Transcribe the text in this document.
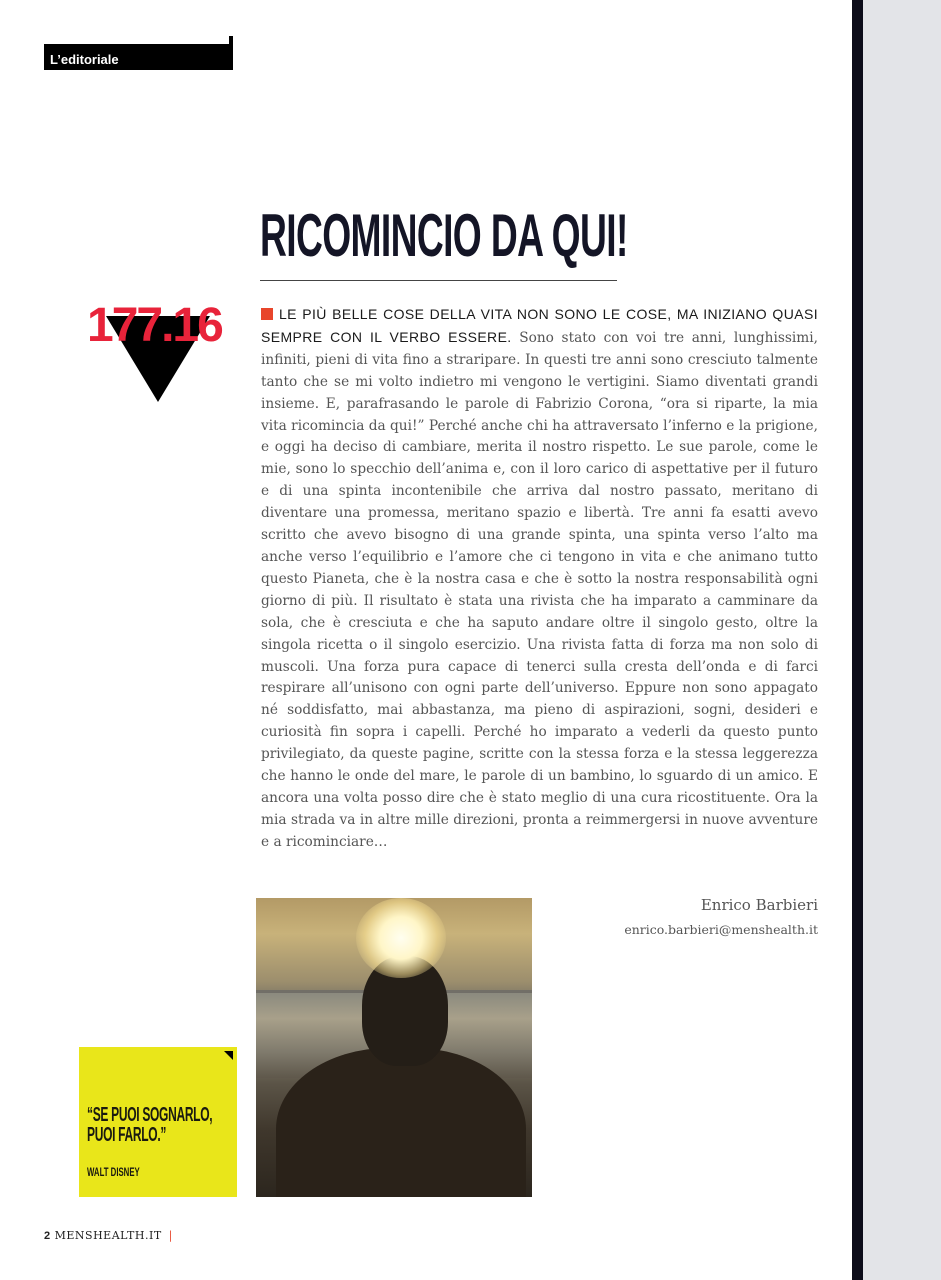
L’editoriale
RICOMINCIO DA QUI!
177.16	LE PIÙ BELLE COSE DELLA VITA NON SONO LE COSE, MA INIZIANO QUASI SEMPRE CON IL VERBO ESSERE. Sono stato con voi tre anni, lunghissimi, infiniti, pieni di vita fino a straripare. In questi tre anni sono cresciuto talmente tanto che se mi volto indietro mi vengono le vertigini. Siamo diventati grandi insieme. E, parafrasando le parole di Fabrizio Corona, “ora si riparte, la mia vita ricomincia da qui!” Perché anche chi ha attraversato l’inferno e la prigione, e oggi ha deciso di cambiare, merita il nostro rispetto. Le sue parole, come le mie, sono lo specchio dell’anima e, con il loro carico di aspettative per il futuro e di una spinta incontenibile che arriva dal nostro passato, meritano di diventare una promessa, meritano spazio e libertà. Tre anni fa esatti avevo scritto che avevo bisogno di una grande spinta, una spinta verso l’alto ma anche verso l’equilibrio e l’amore che ci tengono in vita e che animano tutto questo Pianeta, che è la nostra casa e che è sotto la nostra responsabilità ogni giorno di più. Il risultato è stata una rivista che ha imparato a camminare da sola, che è cresciuta e che ha saputo andare oltre il singolo gesto, oltre la singola ricetta o il singolo esercizio. Una rivista fatta di forza ma non solo di muscoli. Una forza pura capace di tenerci sulla cresta dell’onda e di farci respirare all’unisono con ogni parte dell’universo. Eppure non sono appagato né soddisfatto, mai abbastanza, ma pieno di aspirazioni, sogni, desideri e curiosità fin sopra i capelli. Perché ho imparato a vederli da questo punto privilegiato, da queste pagine, scritte con la stessa forza e la stessa leggerezza che hanno le onde del mare, le parole di un bambino, lo sguardo di un amico. E ancora una volta posso dire che è stato meglio di una cura ricostituente. Ora la mia strada va in altre mille direzioni, pronta a reimmergersi in nuove avventure e a ricominciare…

Enrico Barbieri
enrico.barbieri@menshealth.it
“SE PUOI SOGNARLO, PUOI FARLO.”
WALT DISNEY
2 MENSHEALTH.IT |
